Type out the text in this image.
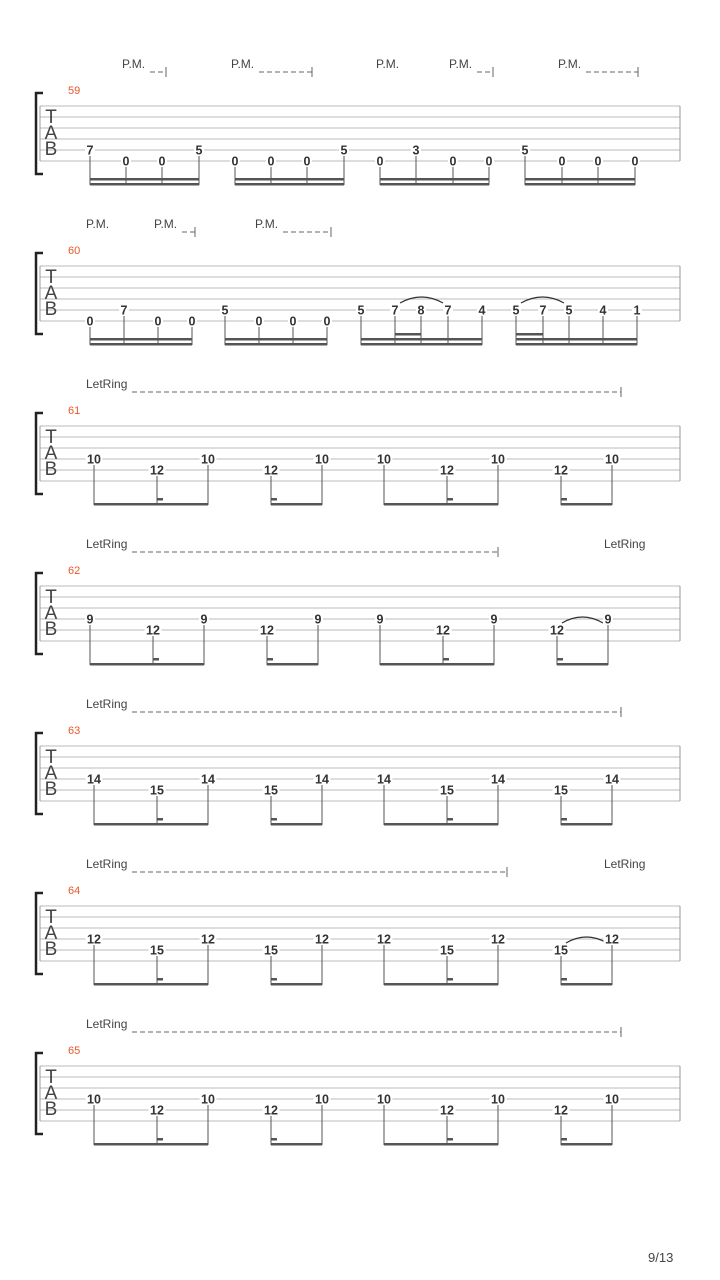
T
A
B
59
P.M.	P.M.	P.M.	P.M.	P.M.
7
0 0
5
0 0 0
5
0
3
0 0
5
0 0 0
T
A
B
60
P.M.	P.M.	P.M.
0
7
0 0
5
0 0 0
5 7 8 7 4 5 7 5 4 1
T
A
B
61
LetRing
10
12
10
12
10	10
12
10
12
10
T
A
B
62
LetRing	LetRing
9
12
9
12
9	9
12
9
12
9
T
A
B
63
LetRing
14
15
14
15
14	14
15
14
15
14
T
A
B
64
LetRing	LetRing
12
15
12
15
12	12
15
12
15
12
T
A
B
65
LetRing
10
12
10
12
10	10
12
10
12
10
9/13
